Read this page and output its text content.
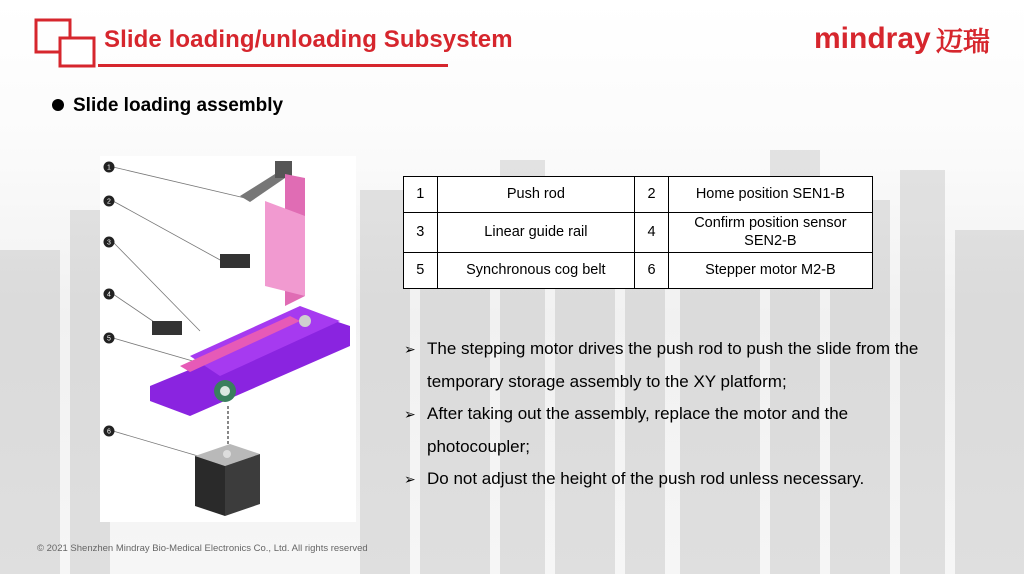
Slide loading/unloading Subsystem	mindray 迈瑞
Slide loading assembly
1
2
3
4
5
6
1	Push rod	2	Home position SEN1-B
3	Linear guide rail	4	Confirm position sensor SEN2-B
5	Synchronous cog belt	6	Stepper motor M2-B
➢ The stepping motor drives the push rod to push the slide from the temporary storage assembly to the XY platform;
➢ After taking out the assembly, replace the motor and the photocoupler;
➢ Do not adjust the height of the push rod unless necessary.
© 2021 Shenzhen Mindray Bio-Medical Electronics Co., Ltd. All rights reserved
